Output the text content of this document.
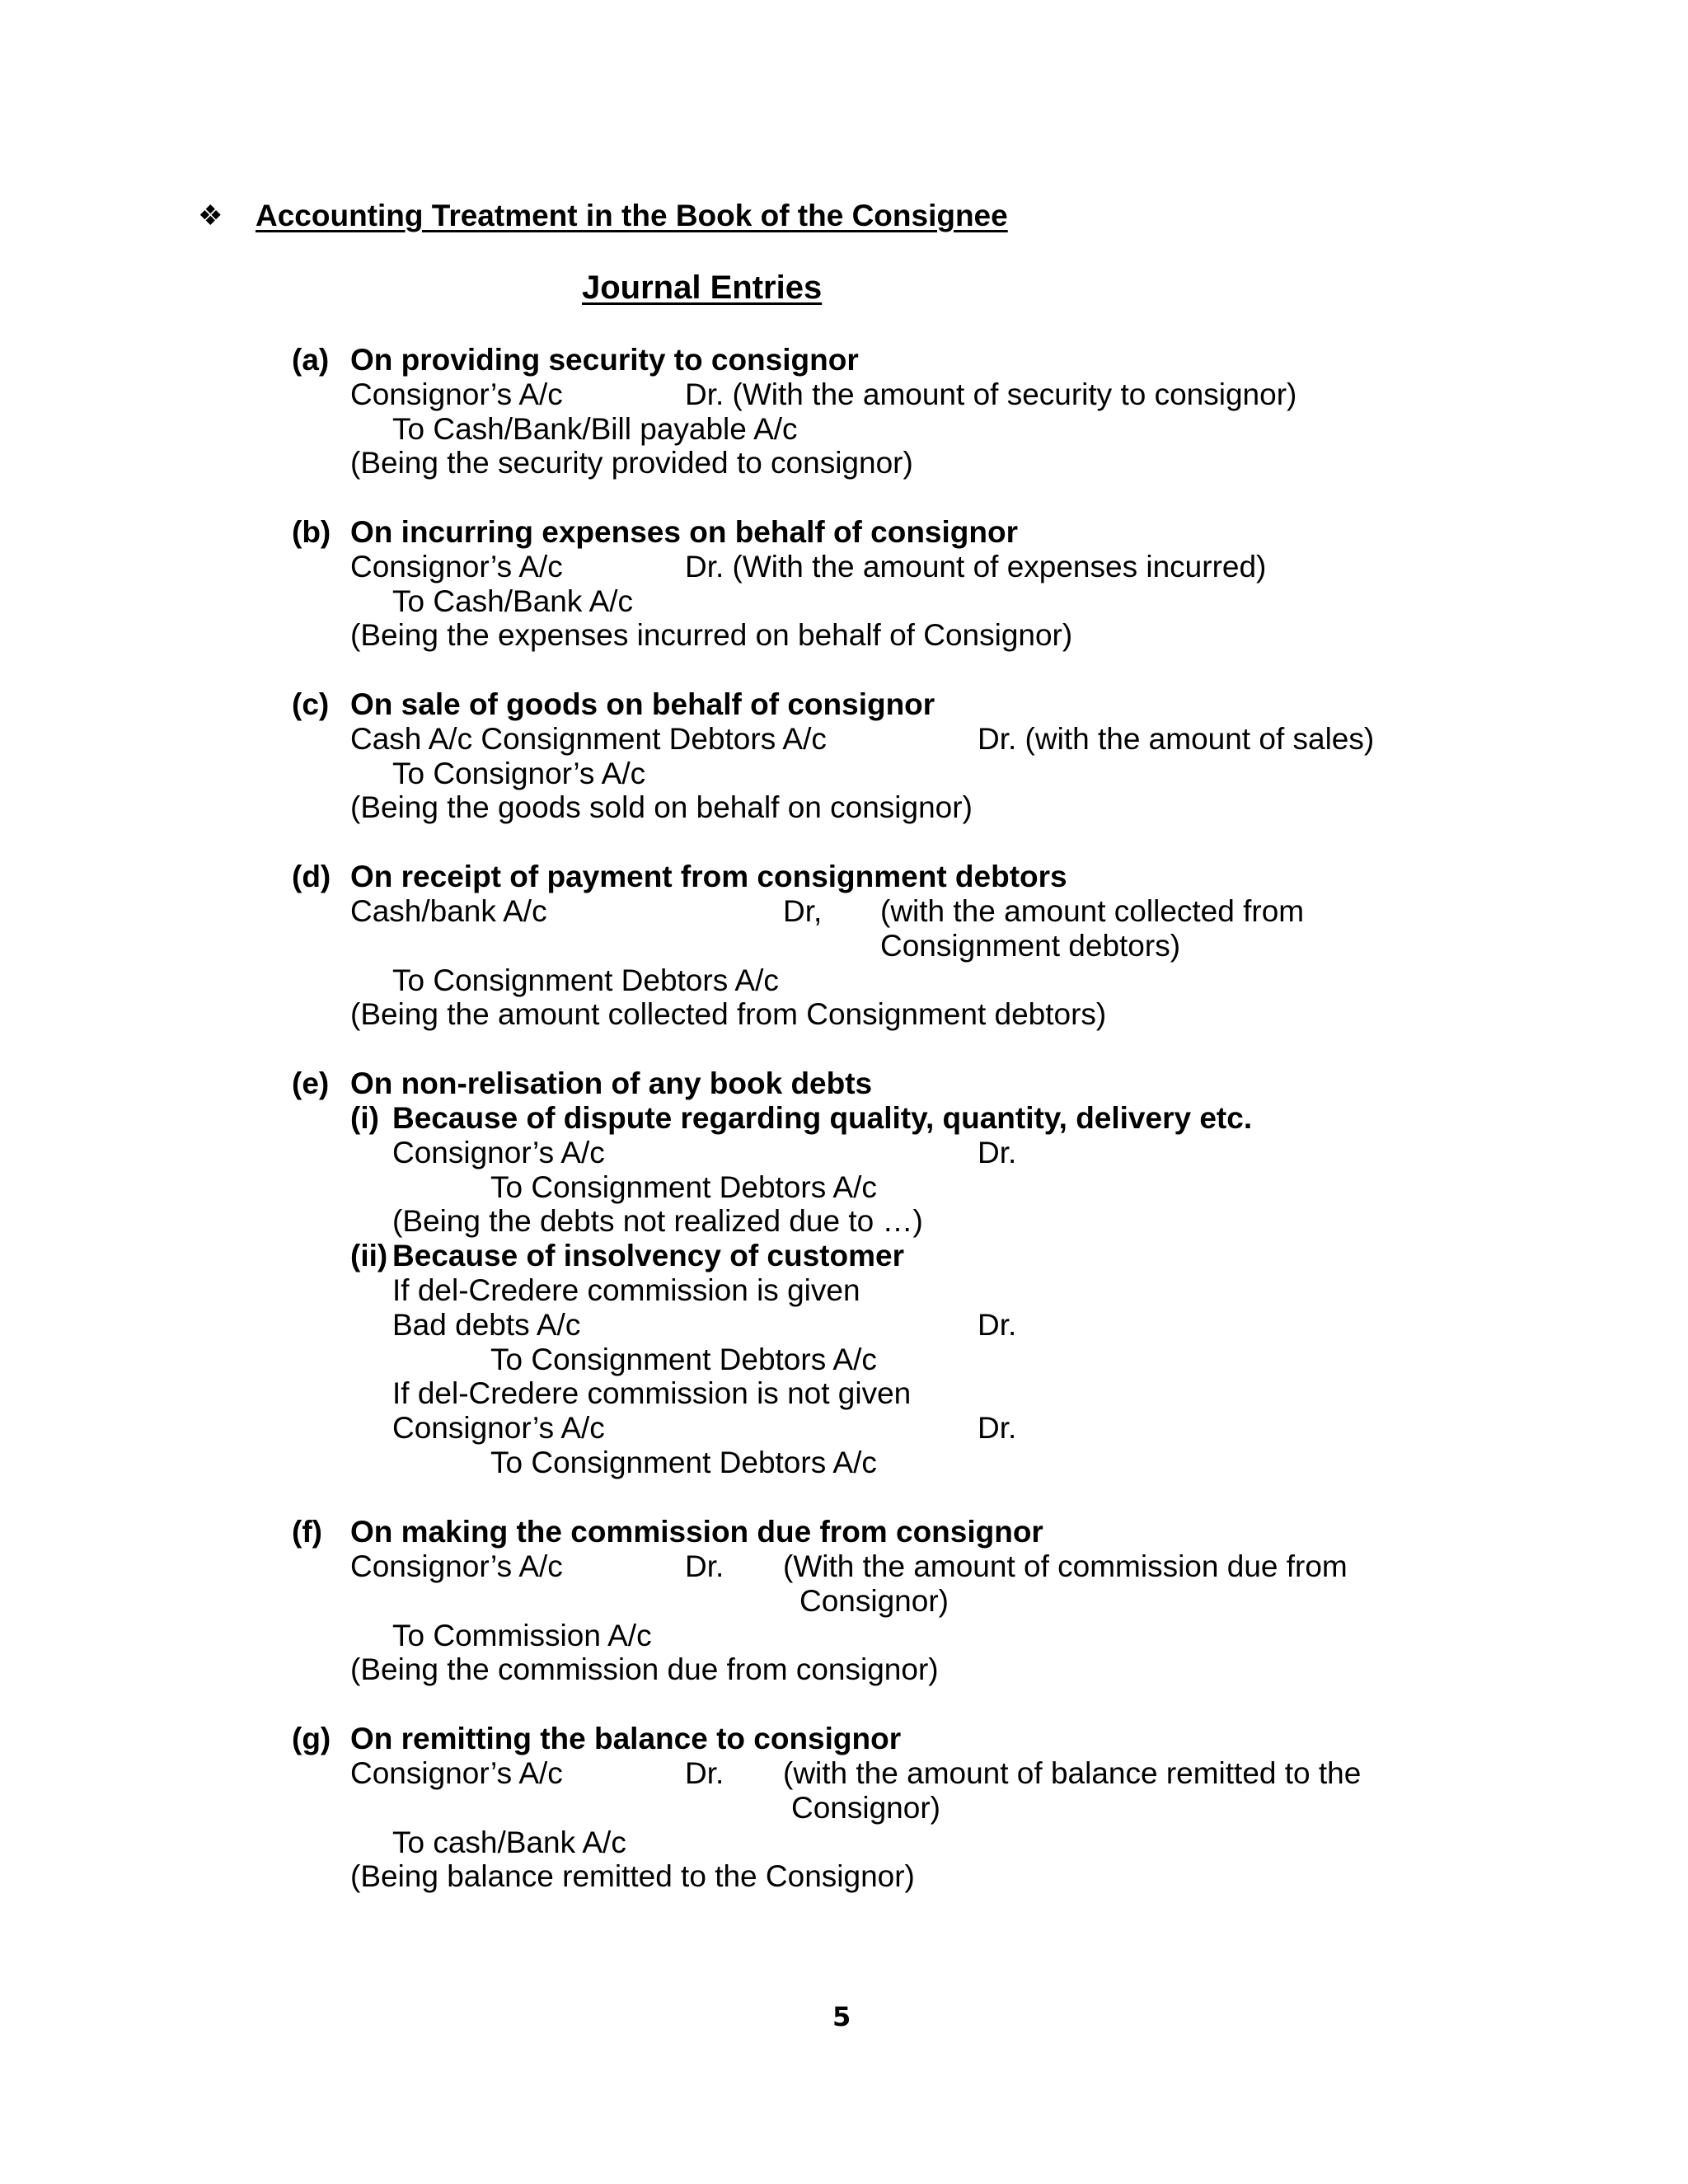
❖ Accounting Treatment in the Book of the Consignee
Journal Entries
(a) On providing security to consignor
Consignor’s A/c	Dr. (With the amount of security to consignor)
To Cash/Bank/Bill payable A/c
(Being the security provided to consignor)
(b) On incurring expenses on behalf of consignor
Consignor’s A/c	Dr. (With the amount of expenses incurred)
To Cash/Bank A/c
(Being the expenses incurred on behalf of Consignor)
(c) On sale of goods on behalf of consignor
Cash A/c Consignment Debtors A/c	Dr. (with the amount of sales)
To Consignor’s A/c
(Being the goods sold on behalf on consignor)
(d) On receipt of payment from consignment debtors
Cash/bank A/c	Dr, (with the amount collected from
Consignment debtors)
To Consignment Debtors A/c
(Being the amount collected from Consignment debtors)
(e) On non-relisation of any book debts
(i) Because of dispute regarding quality, quantity, delivery etc.
Consignor’s A/c	Dr.
To Consignment Debtors A/c
(Being the debts not realized due to …)
(ii) Because of insolvency of customer
If del-Credere commission is given
Bad debts A/c	Dr.
To Consignment Debtors A/c
If del-Credere commission is not given
Consignor’s A/c	Dr.
To Consignment Debtors A/c
(f) On making the commission due from consignor
Consignor’s A/c	Dr. (With the amount of commission due from
Consignor)
To Commission A/c
(Being the commission due from consignor)
(g) On remitting the balance to consignor
Consignor’s A/c	Dr. (with the amount of balance remitted to the
Consignor)
To cash/Bank A/c
(Being balance remitted to the Consignor)
5
